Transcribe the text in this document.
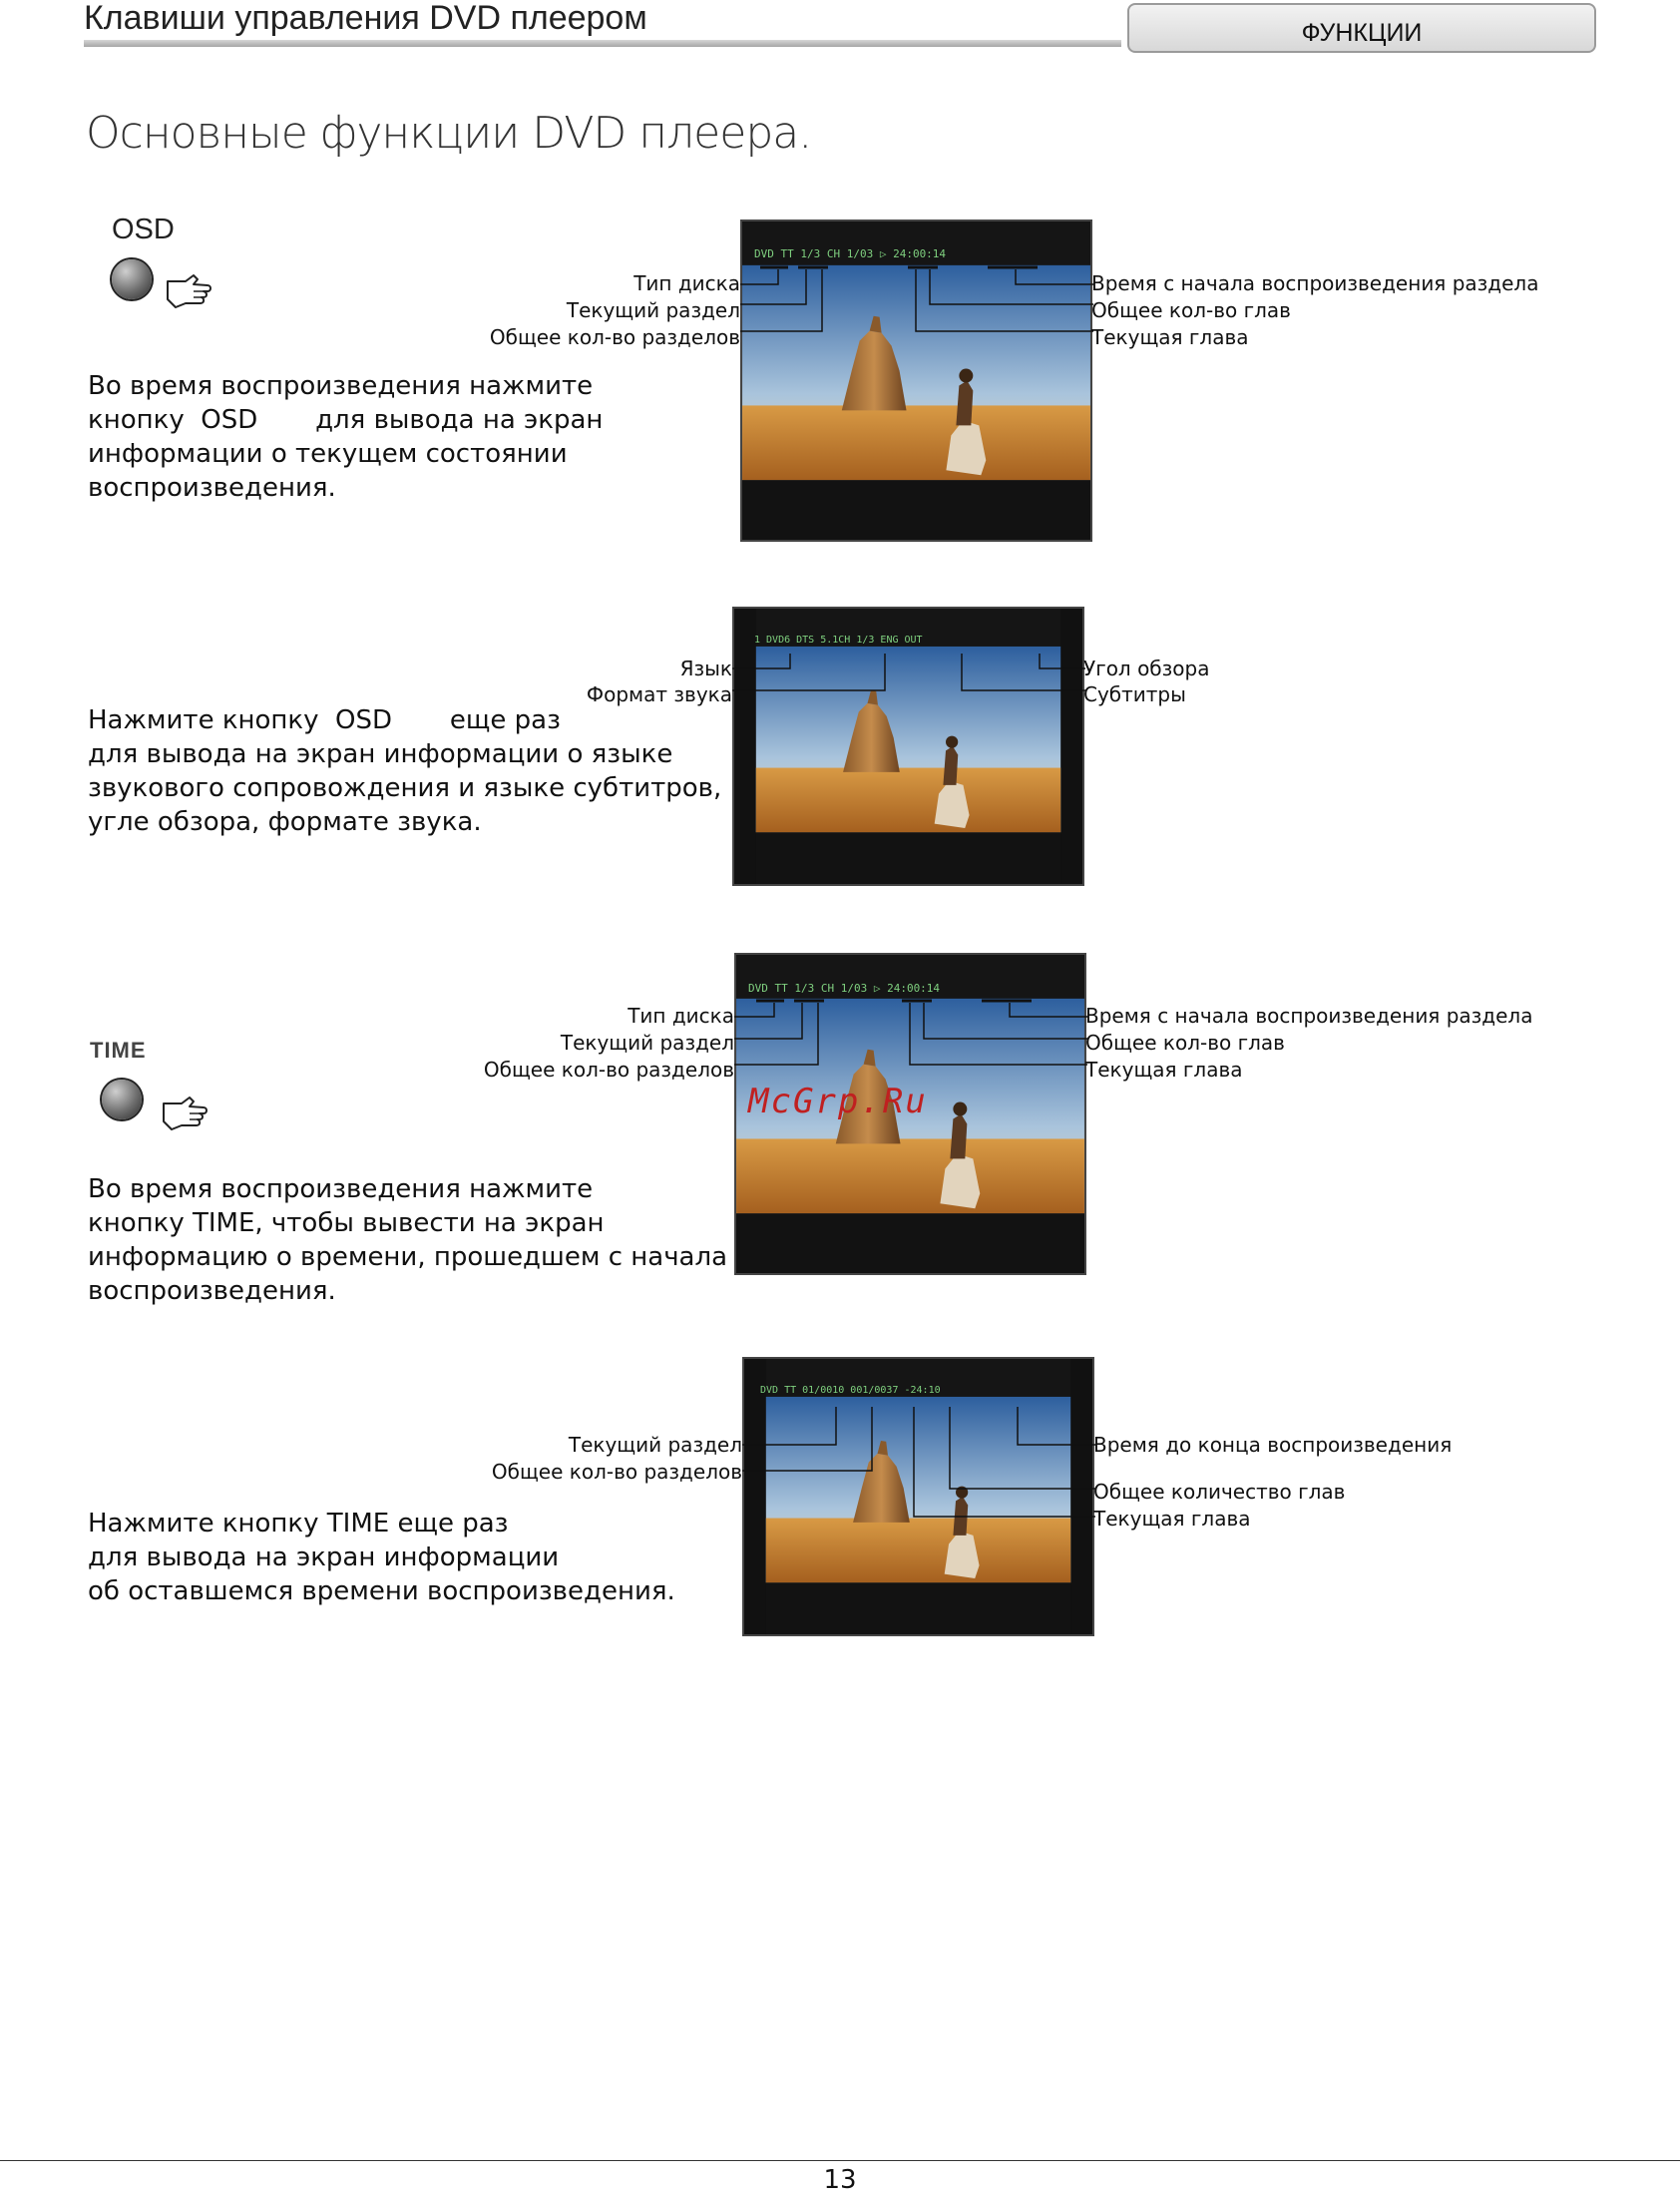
Клавиши управления DVD плеером	ФУНКЦИИ
Основные функции DVD плеера.
OSD
Во время воспроизведения нажмите
кнопку  OSD       для вывода на экран
информации о текущем состоянии
воспроизведения.
DVD TT 1/3 CH 1/03 ▷ 24:00:14
Тип диска
Текущий раздел
Общее кол-во разделов
Время с начала воспроизведения раздела
Общее кол-во глав
Текущая глава
1 DVD6 DTS 5.1CH 1/3 ENG OUT
Язык
Формат звука
Угол обзора
Субтитры
Нажмите кнопку  OSD       еще раз
для вывода на экран информации о языке
звукового сопровождения и языке субтитров,
угле обзора, формате звука.
TIME
DVD TT 1/3 CH 1/03 ▷ 24:00:14
McGrp.Ru
Тип диска
Текущий раздел
Общее кол-во разделов
Время с начала воспроизведения раздела
Общее кол-во глав
Текущая глава
Во время воспроизведения нажмите
кнопку TIME, чтобы вывести на экран
информацию о времени, прошедшем с начала
воспроизведения.
DVD TT 01/0010 001/0037 -24:10
Текущий раздел
Общее кол-во разделов
Время до конца воспроизведения
Общее количество глав
Текущая глава
Нажмите кнопку TIME еще раз
для вывода на экран информации
об оставшемся времени воспроизведения.
13
